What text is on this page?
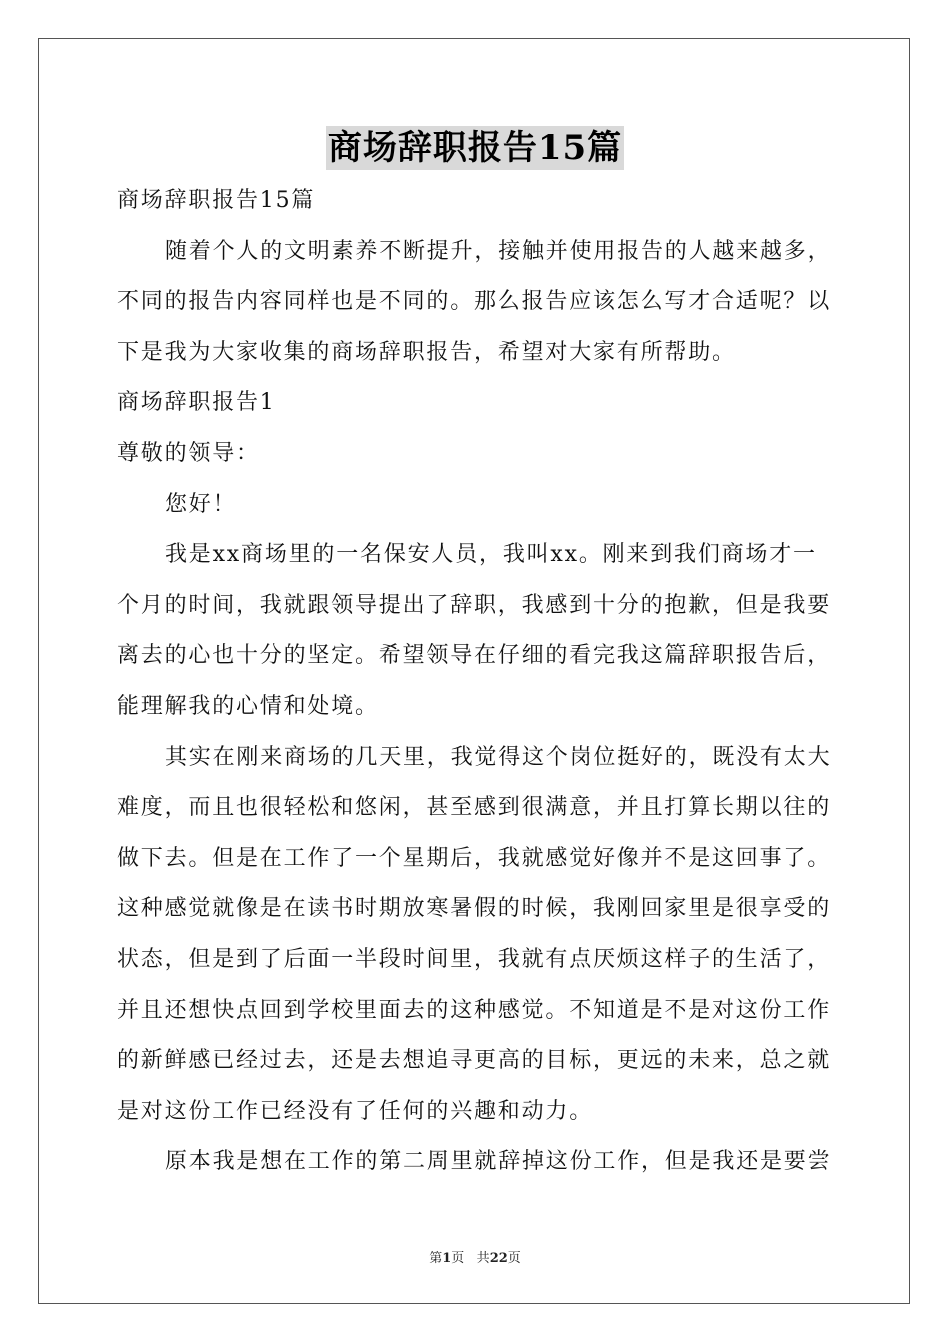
商场辞职报告15篇

商场辞职报告15篇

随着个人的文明素养不断提升，接触并使用报告的人越来越多，不同的报告内容同样也是不同的。那么报告应该怎么写才合适呢？以下是我为大家收集的商场辞职报告，希望对大家有所帮助。

商场辞职报告1

尊敬的领导：

您好！

我是xx商场里的一名保安人员，我叫xx。刚来到我们商场才一个月的时间，我就跟领导提出了辞职，我感到十分的抱歉，但是我要离去的心也十分的坚定。希望领导在仔细的看完我这篇辞职报告后，能理解我的心情和处境。

其实在刚来商场的几天里，我觉得这个岗位挺好的，既没有太大难度，而且也很轻松和悠闲，甚至感到很满意，并且打算长期以往的做下去。但是在工作了一个星期后，我就感觉好像并不是这回事了。这种感觉就像是在读书时期放寒暑假的时候，我刚回家里是很享受的状态，但是到了后面一半段时间里，我就有点厌烦这样子的生活了，并且还想快点回到学校里面去的这种感觉。不知道是不是对这份工作的新鲜感已经过去，还是去想追寻更高的目标，更远的未来，总之就是对这份工作已经没有了任何的兴趣和动力。

原本我是想在工作的第二周里就辞掉这份工作，但是我还是要尝

第1页 共22页
